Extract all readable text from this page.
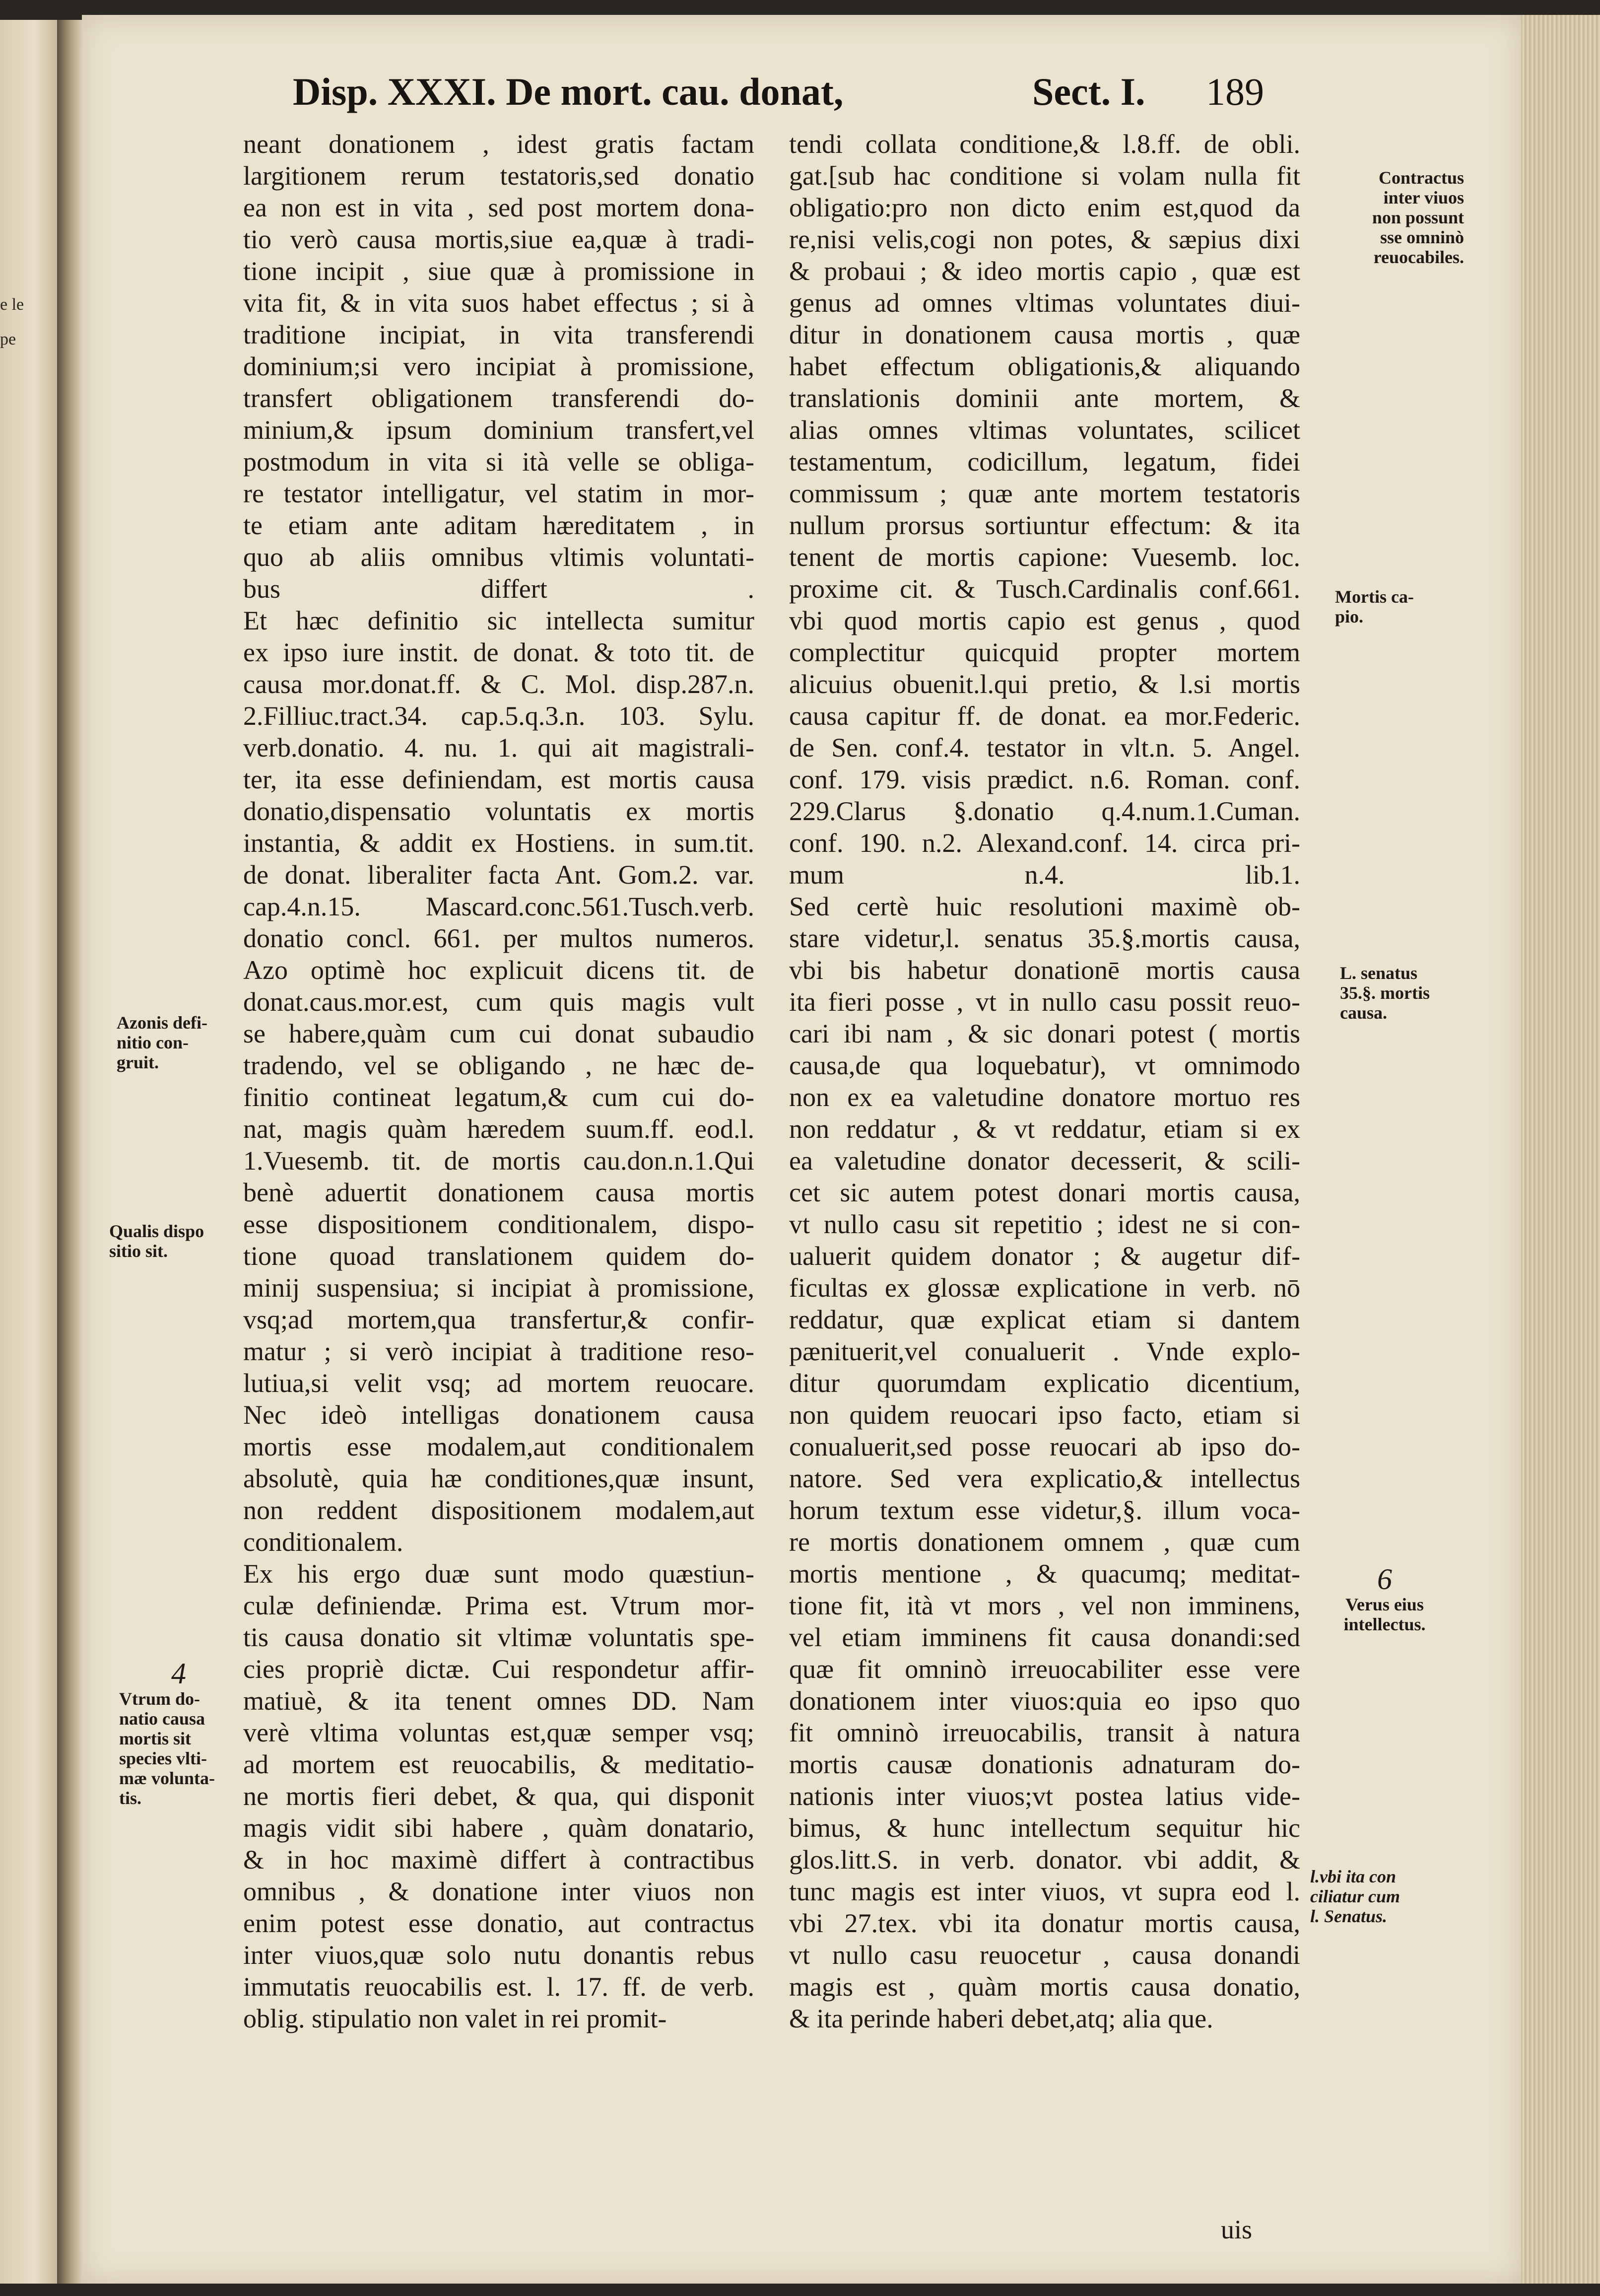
e le
pe
Disp. XXXI. De mort. cau. donat,	Sect. I. 189
neant donationem , idest gratis factam
largitionem rerum testatoris,sed donatio
ea non est in vita , sed post mortem dona-
tio verò causa mortis,siue ea,quæ à tradi-
tione incipit , siue quæ à promissione in
vita fit, & in vita suos habet effectus ; si à
traditione incipiat, in vita transferendi
dominium;si vero incipiat à promissione,
transfert obligationem transferendi do-
minium,& ipsum dominium transfert,vel
postmodum in vita si ità velle se obliga-
re testator intelligatur, vel statim in mor-
te etiam ante aditam hæreditatem , in
quo ab aliis omnibus vltimis voluntati-
bus differt .
Et hæc definitio sic intellecta sumitur
ex ipso iure instit. de donat. & toto tit. de
causa mor.donat.ff. & C. Mol. disp.287.n.
2.Filliuc.tract.34. cap.5.q.3.n. 103. Sylu.
verb.donatio. 4. nu. 1. qui ait magistrali-
ter, ita esse definiendam, est mortis causa
donatio,dispensatio voluntatis ex mortis
instantia, & addit ex Hostiens. in sum.tit.
de donat. liberaliter facta Ant. Gom.2. var.
cap.4.n.15. Mascard.conc.561.Tusch.verb.
donatio concl. 661. per multos numeros.
Azo optimè hoc explicuit dicens tit. de
donat.caus.mor.est, cum quis magis vult
se habere,quàm cum cui donat subaudio
tradendo, vel se obligando , ne hæc de-
finitio contineat legatum,& cum cui do-
nat, magis quàm hæredem suum.ff. eod.l.
1.Vuesemb. tit. de mortis cau.don.n.1.Qui
benè aduertit donationem causa mortis
esse dispositionem conditionalem, dispo-
tione quoad translationem quidem do-
minij suspensiua; si incipiat à promissione,
vsq;ad mortem,qua transfertur,& confir-
matur ; si verò incipiat à traditione reso-
lutiua,si velit vsq; ad mortem reuocare.
Nec ideò intelligas donationem causa
mortis esse modalem,aut conditionalem
absolutè, quia hæ conditiones,quæ insunt,
non reddent dispositionem modalem,aut
conditionalem.
Ex his ergo duæ sunt modo quæstiun-
culæ definiendæ. Prima est. Vtrum mor-
tis causa donatio sit vltimæ voluntatis spe-
cies propriè dictæ. Cui respondetur affir-
matiuè, & ita tenent omnes DD. Nam
verè vltima voluntas est,quæ semper vsq;
ad mortem est reuocabilis, & meditatio-
ne mortis fieri debet, & qua, qui disponit
magis vidit sibi habere , quàm donatario,
& in hoc maximè differt à contractibus
omnibus , & donatione inter viuos non
enim potest esse donatio, aut contractus
inter viuos,quæ solo nutu donantis rebus
immutatis reuocabilis est. l. 17. ff. de verb.
oblig. stipulatio non valet in rei promit-
tendi collata conditione,& l.8.ff. de obli.
gat.[sub hac conditione si volam nulla fit
obligatio:pro non dicto enim est,quod da
re,nisi velis,cogi non potes, & sæpius dixi
& probaui ; & ideo mortis capio , quæ est
genus ad omnes vltimas voluntates diui-
ditur in donationem causa mortis , quæ
habet effectum obligationis,& aliquando
translationis dominii ante mortem, &
alias omnes vltimas voluntates, scilicet
testamentum, codicillum, legatum, fidei
commissum ; quæ ante mortem testatoris
nullum prorsus sortiuntur effectum: & ita
tenent de mortis capione: Vuesemb. loc.
proxime cit. & Tusch.Cardinalis conf.661.
vbi quod mortis capio est genus , quod
complectitur quicquid propter mortem
alicuius obuenit.l.qui pretio, & l.si mortis
causa capitur ff. de donat. ea mor.Federic.
de Sen. conf.4. testator in vlt.n. 5. Angel.
conf. 179. visis prædict. n.6. Roman. conf.
229.Clarus §.donatio q.4.num.1.Cuman.
conf. 190. n.2. Alexand.conf. 14. circa pri-
mum n.4. lib.1.
Sed certè huic resolutioni maximè ob-
stare videtur,l. senatus 35.§.mortis causa,
vbi bis habetur donationē mortis causa
ita fieri posse , vt in nullo casu possit reuo-
cari ibi nam , & sic donari potest ( mortis
causa,de qua loquebatur), vt omnimodo
non ex ea valetudine donatore mortuo res
non reddatur , & vt reddatur, etiam si ex
ea valetudine donator decesserit, & scili-
cet sic autem potest donari mortis causa,
vt nullo casu sit repetitio ; idest ne si con-
ualuerit quidem donator ; & augetur dif-
ficultas ex glossæ explicatione in verb. nō
reddatur, quæ explicat etiam si dantem
pænituerit,vel conualuerit . Vnde explo-
ditur quorumdam explicatio dicentium,
non quidem reuocari ipso facto, etiam si
conualuerit,sed posse reuocari ab ipso do-
natore. Sed vera explicatio,& intellectus
horum textum esse videtur,§. illum voca-
re mortis donationem omnem , quæ cum
mortis mentione , & quacumq; meditat-
tione fit, ità vt mors , vel non imminens,
vel etiam imminens fit causa donandi:sed
quæ fit omninò irreuocabiliter esse vere
donationem inter viuos:quia eo ipso quo
fit omninò irreuocabilis, transit à natura
mortis causæ donationis adnaturam do-
nationis inter viuos;vt postea latius vide-
bimus, & hunc intellectum sequitur hic
glos.litt.S. in verb. donator. vbi addit, &
tunc magis est inter viuos, vt supra eod l.
vbi 27.tex. vbi ita donatur mortis causa,
vt nullo casu reuocetur , causa donandi
magis est , quàm mortis causa donatio,
& ita perinde haberi debet,atq; alia que.
Azonis defi-
nitio con-
gruit.
Qualis dispo
sitio sit.
4
Vtrum do-
natio causa
mortis sit
species vlti-
mæ volunta-
tis.
Contractus
inter viuos
non possunt
sse omninò
reuocabiles.
Mortis ca-
pio.
L. senatus
35.§. mortis
causa.
6
Verus eius
intellectus.
l.vbi ita con
ciliatur cum
l. Senatus.
uis
